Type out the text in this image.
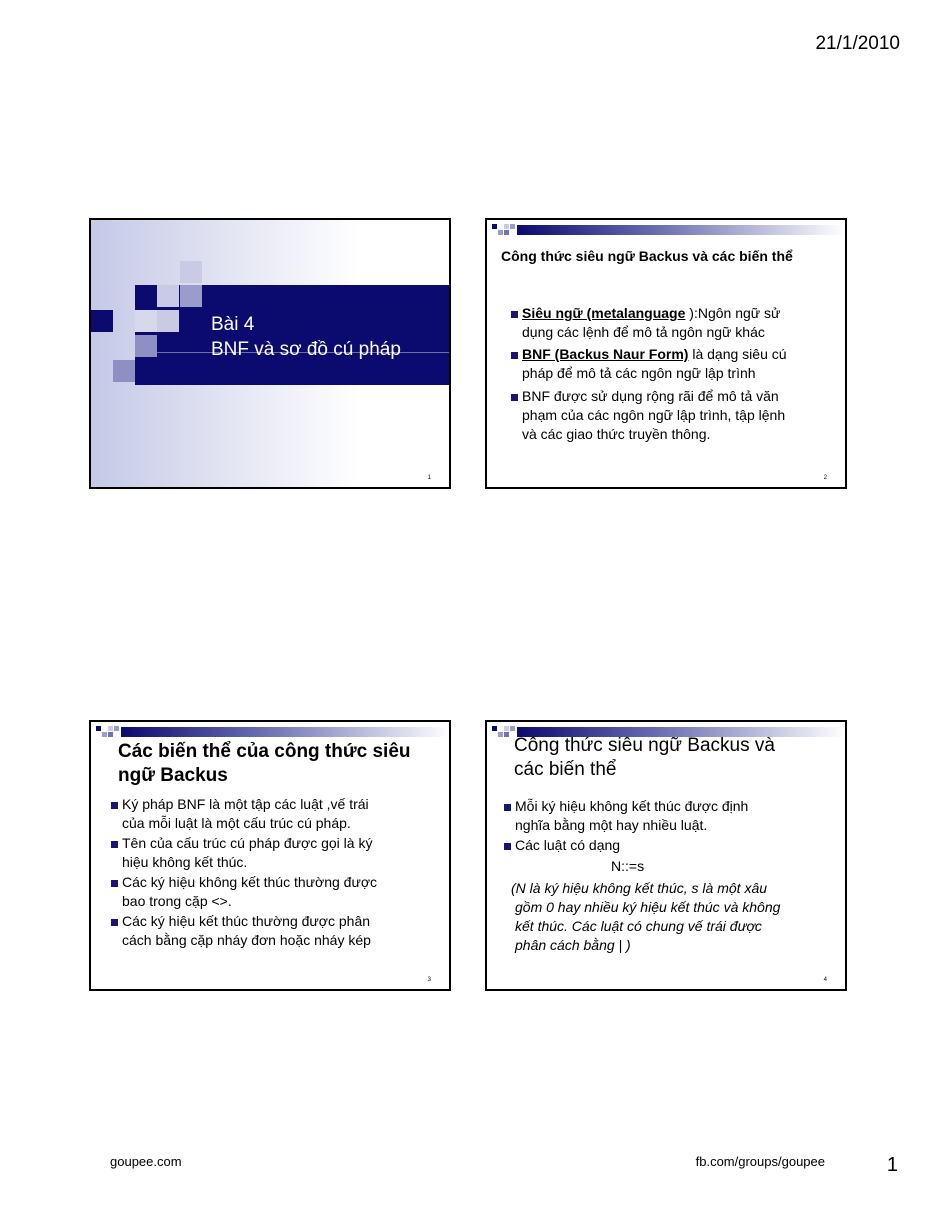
21/1/2010
Bài 4
BNF và sơ đồ cú pháp
1
Công thức siêu ngữ Backus và các biến thể
Siêu ngữ (metalanguage ):Ngôn ngữ sử
dụng các lệnh để mô tả ngôn ngữ khác
BNF (Backus Naur Form) là dạng siêu cú
pháp để mô tả các ngôn ngữ lập trình
BNF được sử dụng rộng rãi để mô tả văn
phạm của các ngôn ngữ lập trình, tập lệnh
và các giao thức truyền thông.
2
Các biến thể của công thức siêu
ngữ Backus
Ký pháp BNF là một tập các luật ,vế trái
của mỗi luật là một cấu trúc cú pháp.
Tên của cấu trúc cú pháp được gọi là ký
hiệu không kết thúc.
Các ký hiệu không kết thúc thường được
bao trong cặp <>.
Các ký hiệu kết thúc thường được phân
cách bằng cặp nháy đơn hoặc nháy kép
3
Công thức siêu ngữ Backus và
các biến thể
Mỗi ký hiệu không kết thúc được định
nghĩa bằng một hay nhiều luật.
Các luật có dạng
N::=s
(N là ký hiệu không kết thúc, s là một xâu
gồm 0 hay nhiều ký hiệu kết thúc và không
kết thúc. Các luật có chung vế trái được
phân cách bằng | )
4
goupee.com	fb.com/groups/goupee	1
